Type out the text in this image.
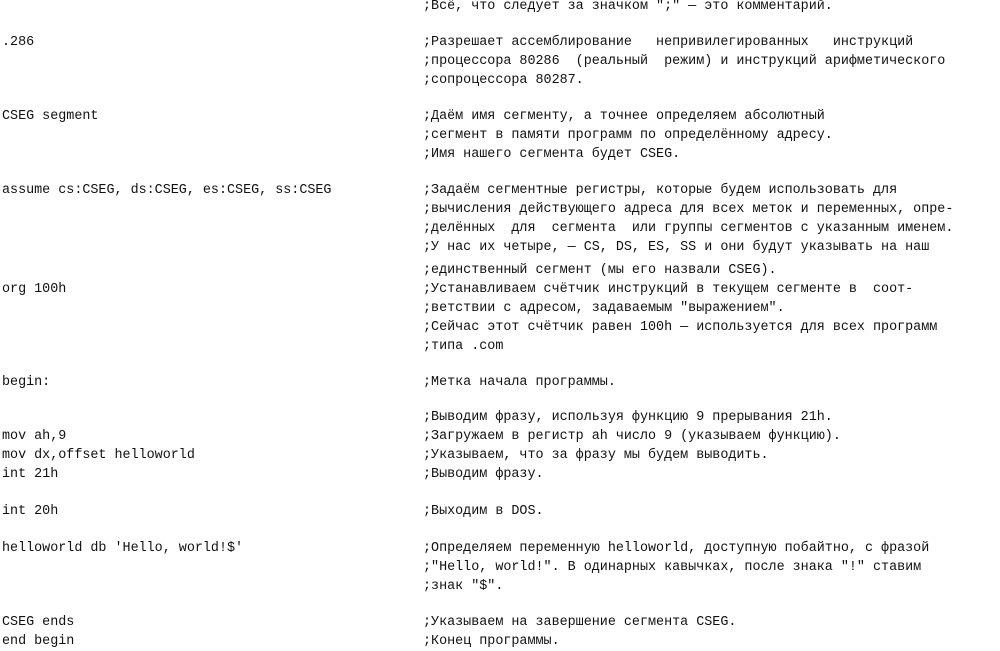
;Всё, что следует за значком ";" — это комментарий.
.286	;Разрешает ассемблирование   непривилегированных   инструкций
;процессора 80286  (реальный  режим) и инструкций арифметического
;сопроцессора 80287.
CSEG segment	;Даём имя сегменту, а точнее определяем абсолютный
;сегмент в памяти программ по определённому адресу.
;Имя нашего сегмента будет CSEG.
assume cs:CSEG, ds:CSEG, es:CSEG, ss:CSEG	;Задаём сегментные регистры, которые будем использовать для
;вычисления действующего адреса для всех меток и переменных, опре-
;делённых  для  сегмента  или группы сегментов с указанным именем.
;У нас их четыре, — CS, DS, ES, SS и они будут указывать на наш
;единственный сегмент (мы его назвали CSEG).
org 100h	;Устанавливаем счётчик инструкций в текущем сегменте в  соот-
;ветствии с адресом, задаваемым "выражением".
;Сейчас этот счётчик равен 100h — используется для всех программ
;типа .com
begin:	;Метка начала программы.
;Выводим фразу, используя функцию 9 прерывания 21h.
mov ah,9	;Загружаем в регистр ah число 9 (указываем функцию).
mov dx,offset helloworld	;Указываем, что за фразу мы будем выводить.
int 21h	;Выводим фразу.
int 20h	;Выходим в DOS.
helloworld db 'Hello, world!$'	;Определяем переменную helloworld, доступную побайтно, с фразой
;"Hello, world!". В одинарных кавычках, после знака "!" ставим
;знак "$".
CSEG ends	;Указываем на завершение сегмента CSEG.
end begin	;Конец программы.
